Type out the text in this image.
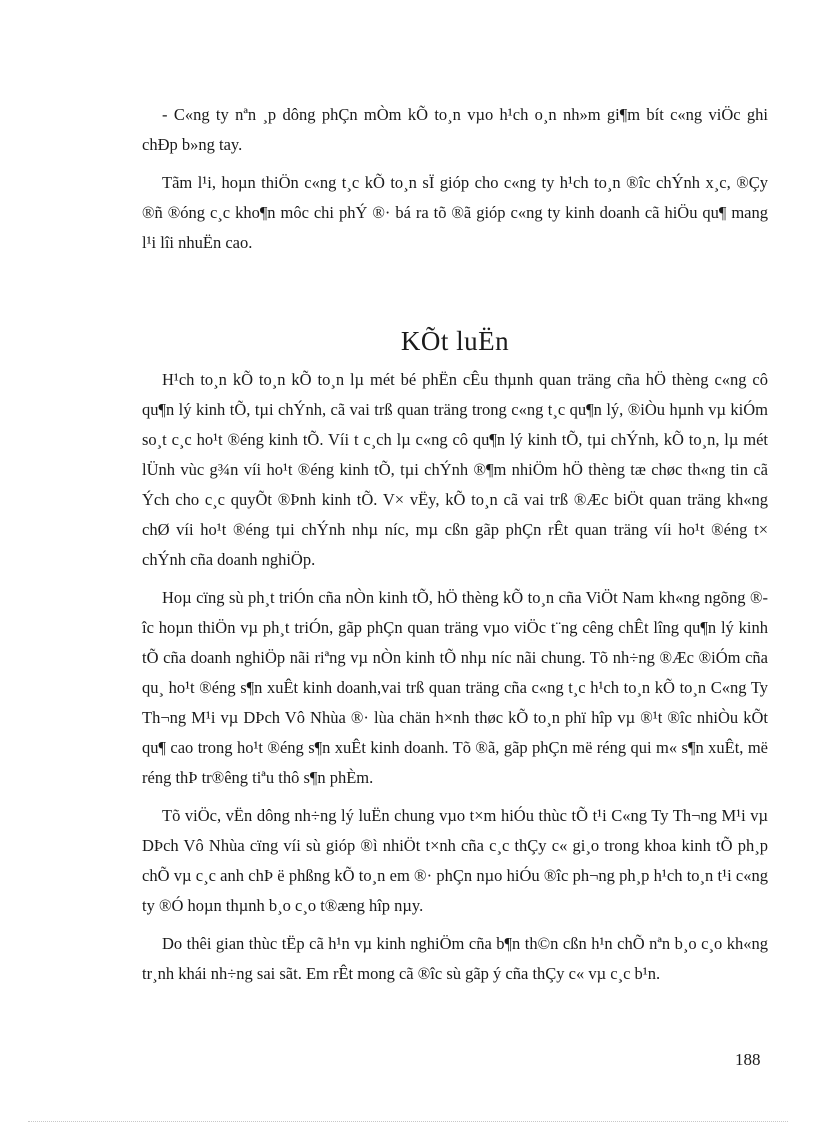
- C«ng ty nªn ¸p dông phÇn mÒm kÕ to¸n vµo h¹ch o¸n nh»m gi¶m bít c«ng viÖc ghi chÐp b»ng tay.

Tãm l¹i, hoµn thiÖn c«ng t¸c kÕ to¸n sÏ gióp cho c«ng ty h¹ch to¸n ®îc chÝnh x¸c, ®Çy ®ñ ®óng c¸c kho¶n môc chi phÝ ®· bá ra tõ ®ã gióp c«ng ty kinh doanh cã hiÖu qu¶ mang l¹i lîi nhuËn cao.

KÕt luËn

H¹ch to¸n kÕ to¸n kÕ to¸n lµ mét bé phËn cÊu thµnh quan träng cña hÖ thèng c«ng cô qu¶n lý kinh tÕ, tµi chÝnh, cã vai trß quan träng trong c«ng t¸c qu¶n lý, ®iÒu hµnh vµ kiÓm so¸t c¸c ho¹t ®éng kinh tÕ. Víi t c¸ch lµ c«ng cô qu¶n lý kinh tÕ, tµi chÝnh, kÕ to¸n, lµ mét lÜnh vùc g¾n víi ho¹t ®éng kinh tÕ, tµi chÝnh ®¶m nhiÖm hÖ thèng tæ chøc th«ng tin cã Ých cho c¸c quyÕt ®Þnh kinh tÕ. V× vËy, kÕ to¸n cã vai trß ®Æc biÖt quan träng kh«ng chØ víi ho¹t ®éng tµi chÝnh nhµ níc, mµ cßn gãp phÇn rÊt quan träng víi ho¹t ®éng t× chÝnh cña doanh nghiÖp.

Hoµ cïng sù ph¸t triÓn cña nÒn kinh tÕ, hÖ thèng kÕ to¸n cña ViÖt Nam kh«ng ngõng ®îc hoµn thiÖn vµ ph¸t triÓn, gãp phÇn quan träng vµo viÖc t¨ng cêng chÊt lîng qu¶n lý kinh tÕ cña doanh nghiÖp nãi riªng vµ nÒn kinh tÕ nhµ níc nãi chung. Tõ nh÷ng ®Æc ®iÓm cña qu¸ ho¹t ®éng s¶n xuÊt kinh doanh,vai trß quan träng cña c«ng t¸c h¹ch to¸n kÕ to¸n C«ng Ty Th¬ng M¹i vµ DÞch Vô Nhùa ®· lùa chän h×nh thøc kÕ to¸n phï hîp vµ ®¹t ®îc nhiÒu kÕt qu¶ cao trong ho¹t ®éng s¶n xuÊt kinh doanh. Tõ ®ã, gãp phÇn më réng qui m« s¶n xuÊt, më réng thÞ tr®êng tiªu thô s¶n phÈm.

Tõ viÖc, vËn dông nh÷ng lý luËn chung vµo t×m hiÓu thùc tÕ t¹i C«ng Ty Th¬ng M¹i vµ DÞch Vô Nhùa cïng víi sù gióp ®ì nhiÖt t×nh cña c¸c thÇy c« gi¸o trong khoa kinh tÕ ph¸p chÕ vµ c¸c anh chÞ ë phßng kÕ to¸n em ®· phÇn nµo hiÓu ®îc ph¬ng ph¸p h¹ch to¸n t¹i c«ng ty ®Ó hoµn thµnh b¸o c¸o t®æng hîp nµy.

Do thêi gian thùc tËp cã h¹n vµ kinh nghiÖm cña b¶n th©n cßn h¹n chÕ nªn b¸o c¸o kh«ng tr¸nh khái nh÷ng sai sãt. Em rÊt mong cã ®îc sù gãp ý cña thÇy c« vµ c¸c b¹n.

188
